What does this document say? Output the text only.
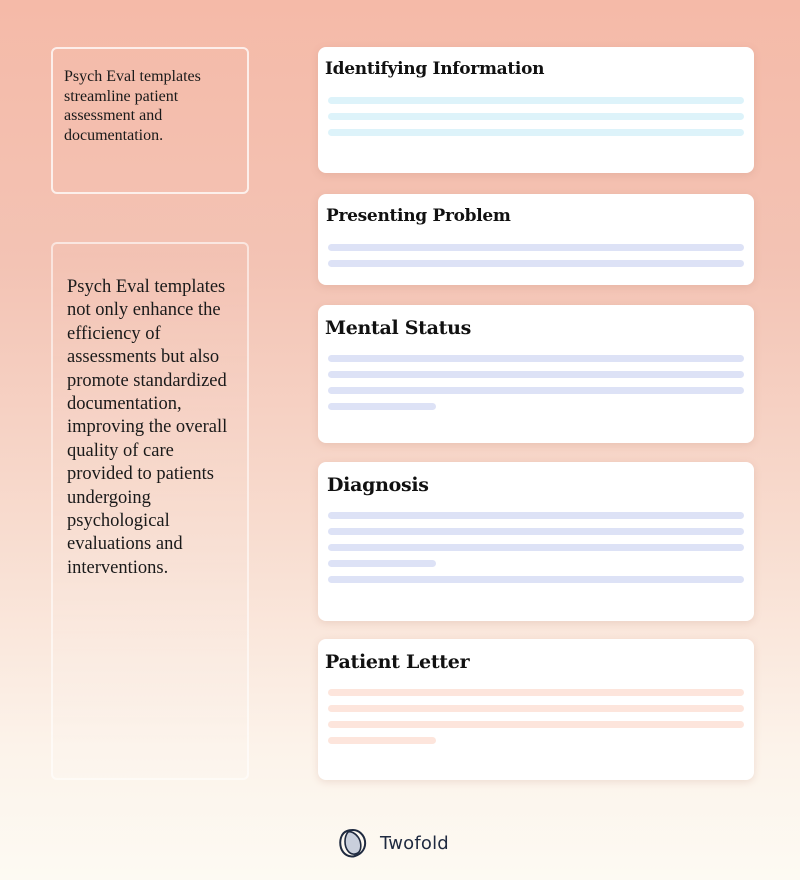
Psych Eval templates streamline patient assessment and documentation.
Psych Eval templates not only enhance the efficiency of assessments but also promote standardized documentation, improving the overall quality of care provided to patients undergoing psychological evaluations and interventions.
Identifying Information
Presenting Problem
Mental Status
Diagnosis
Patient Letter
Twofold
